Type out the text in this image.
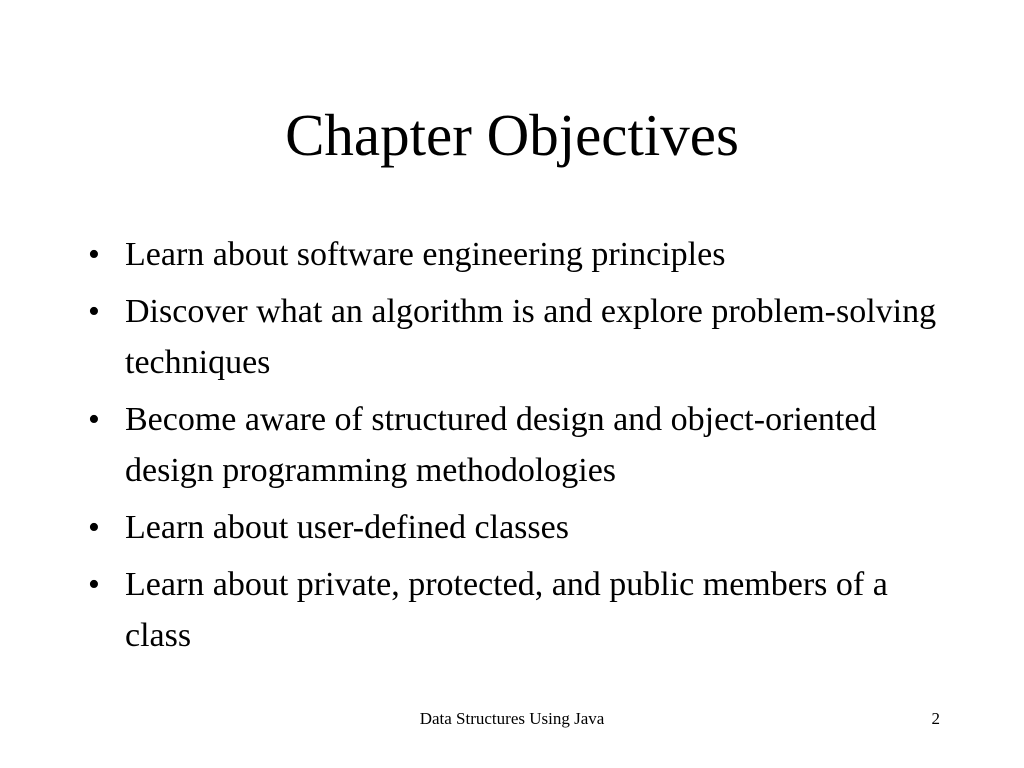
Chapter Objectives
• Learn about software engineering principles
• Discover what an algorithm is and explore problem-solving techniques
• Become aware of structured design and object-oriented design programming methodologies
• Learn about user-defined classes
• Learn about private, protected, and public members of a class
Data Structures Using Java	2
